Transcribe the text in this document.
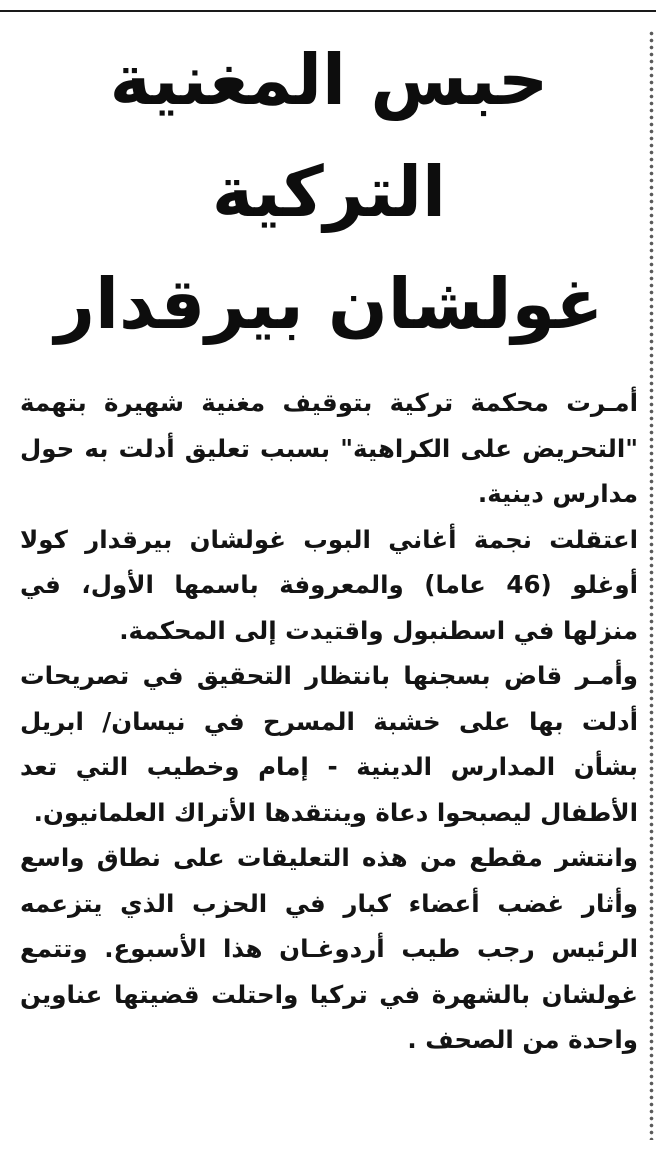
حبس المغنية التركية
غولشان بيرقدار

أمـرت محكمة تركية بتوقيف مغنية شهيرة بتهمة "التحريض على الكراهية" بسبب تعليق أدلت به حول مدارس دينية.

اعتقلت نجمة أغاني البوب غولشان بيرقدار كولا أوغلو (46 عاما) والمعروفة باسمها الأول، في منزلها في اسطنبول واقتيدت إلى المحكمة.

وأمـر قاض بسجنها بانتظار التحقيق في تصريحات أدلت بها على خشبة المسرح في نيسان/ ابريل بشأن المدارس الدينية - إمام وخطيب التي تعد الأطفال ليصبحوا دعاة وينتقدها الأتراك العلمانيون.

وانتشر مقطع من هذه التعليقات على نطاق واسع وأثار غضب أعضاء كبار في الحزب الذي يتزعمه الرئيس رجب طيب أردوغـان هذا الأسبوع. وتتمع غولشان بالشهرة في تركيا واحتلت قضيتها عناوين واحدة من الصحف .
